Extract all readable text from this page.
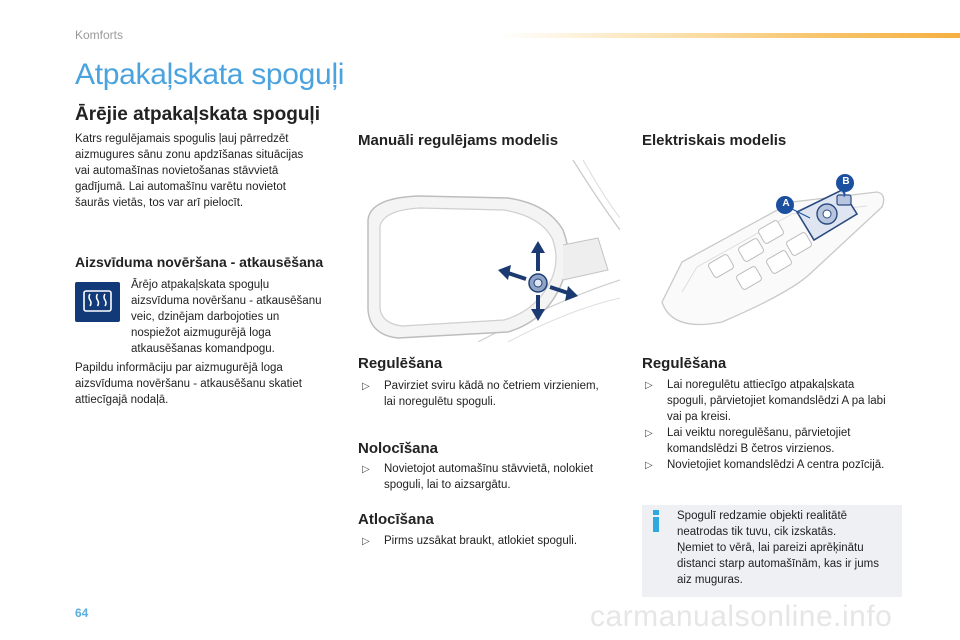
Komforts
Atpakaļskata spoguļi
Ārējie atpakaļskata spoguļi
Katrs regulējamais spogulis ļauj pārredzēt
aizmugures sānu zonu apdzīšanas situācijas
vai automašīnas novietošanas stāvvietā
gadījumā. Lai automašīnu varētu novietot
šaurās vietās, tos var arī pielocīt.
Aizsvīduma novēršana - atkausēšana
Ārējo atpakaļskata spoguļu
aizsvīduma novēršanu - atkausēšanu
veic, dzinējam darbojoties un
nospiežot aizmugurējā loga
atkausēšanas komandpogu.
Papildu informāciju par aizmugurējā loga
aizsvīduma novēršanu - atkausēšanu skatiet
attiecīgajā nodaļā.
Manuāli regulējams modelis
Regulēšana
▷	Pavirziet sviru kādā no četriem virzieniem,
lai noregulētu spoguli.
Nolocīšana
▷	Novietojot automašīnu stāvvietā, nolokiet
spoguli, lai to aizsargātu.
Atlocīšana
▷	Pirms uzsākat braukt, atlokiet spoguli.
Elektriskais modelis
A
B
Regulēšana
▷	Lai noregulētu attiecīgo atpakaļskata
spoguli, pārvietojiet komandslēdzi A pa labi
vai pa kreisi.
▷	Lai veiktu noregulēšanu, pārvietojiet
komandslēdzi B četros virzienos.
▷	Novietojiet komandslēdzi A centra pozīcijā.
Spogulī redzamie objekti realitātē
neatrodas tik tuvu, cik izskatās.
Ņemiet to vērā, lai pareizi aprēķinātu
distanci starp automašīnām, kas ir jums
aiz muguras.
64	carmanualsonline.info
